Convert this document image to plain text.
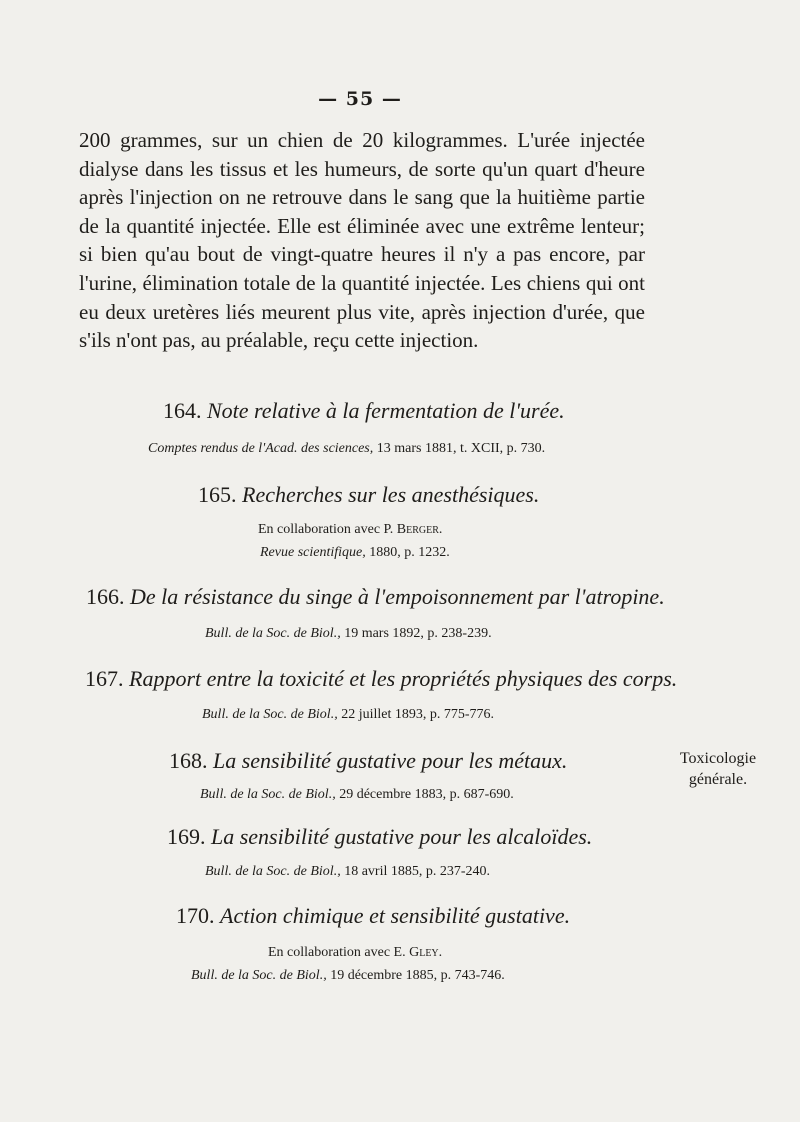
— 55 —
200 grammes, sur un chien de 20 kilogrammes. L'urée injectée dialyse dans les tissus et les humeurs, de sorte qu'un quart d'heure après l'injection on ne retrouve dans le sang que la huitième partie de la quantité injectée. Elle est éliminée avec une extrême lenteur; si bien qu'au bout de vingt-quatre heures il n'y a pas encore, par l'urine, élimination totale de la quantité injectée. Les chiens qui ont eu deux uretères liés meurent plus vite, après injection d'urée, que s'ils n'ont pas, au préalable, reçu cette injection.
164. Note relative à la fermentation de l'urée.
Comptes rendus de l'Acad. des sciences, 13 mars 1881, t. XCII, p. 730.
165. Recherches sur les anesthésiques.
En collaboration avec P. Berger.
Revue scientifique, 1880, p. 1232.
166. De la résistance du singe à l'empoisonnement par l'atropine.
Bull. de la Soc. de Biol., 19 mars 1892, p. 238-239.
167. Rapport entre la toxicité et les propriétés physiques des corps.
Bull. de la Soc. de Biol., 22 juillet 1893, p. 775-776.
168. La sensibilité gustative pour les métaux.
Bull. de la Soc. de Biol., 29 décembre 1883, p. 687-690.
169. La sensibilité gustative pour les alcaloïdes.
Bull. de la Soc. de Biol., 18 avril 1885, p. 237-240.
170. Action chimique et sensibilité gustative.
En collaboration avec E. Gley.
Bull. de la Soc. de Biol., 19 décembre 1885, p. 743-746.
Toxicologie
générale.
